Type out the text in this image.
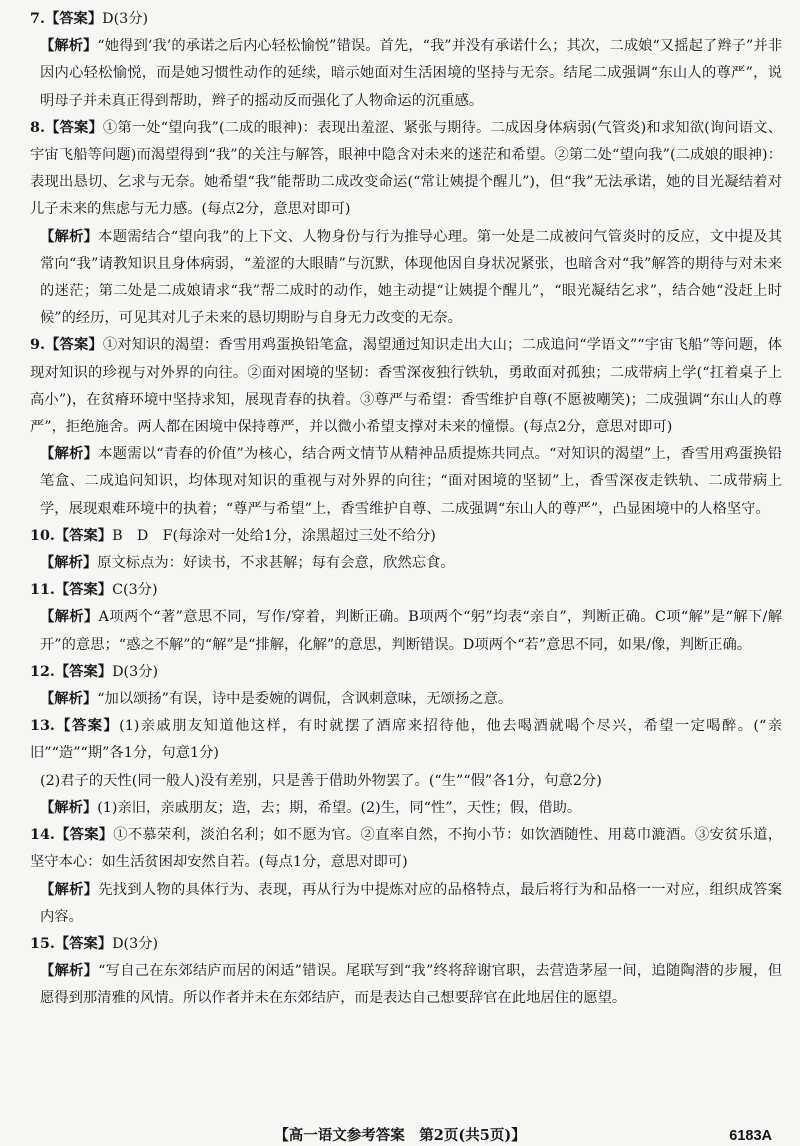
7.【答案】D(3分)
【解析】“她得到‘我’的承诺之后内心轻松愉悦”错误。首先，“我”并没有承诺什么；其次，二成娘“又摇起了辫子”并非因内心轻松愉悦，而是她习惯性动作的延续，暗示她面对生活困境的坚持与无奈。结尾二成强调“东山人的尊严”，说明母子并未真正得到帮助，辫子的摇动反而强化了人物命运的沉重感。
8.【答案】①第一处“望向我”(二成的眼神)：表现出羞涩、紧张与期待。二成因身体病弱(气管炎)和求知欲(询问语文、宇宙飞船等问题)而渴望得到“我”的关注与解答，眼神中隐含对未来的迷茫和希望。②第二处“望向我”(二成娘的眼神)：表现出恳切、乞求与无奈。她希望“我”能帮助二成改变命运(“常让姨提个醒儿”)，但“我”无法承诺，她的目光凝结着对儿子未来的焦虑与无力感。(每点2分，意思对即可)
【解析】本题需结合“望向我”的上下文、人物身份与行为推导心理。第一处是二成被问气管炎时的反应，文中提及其常向“我”请教知识且身体病弱，“羞涩的大眼睛”与沉默，体现他因自身状况紧张，也暗含对“我”解答的期待与对未来的迷茫；第二处是二成娘请求“我”帮二成时的动作，她主动提“让姨提个醒儿”，“眼光凝结乞求”，结合她“没赶上时候”的经历，可见其对儿子未来的恳切期盼与自身无力改变的无奈。
9.【答案】①对知识的渴望：香雪用鸡蛋换铅笔盒，渴望通过知识走出大山；二成追问“学语文”“宇宙飞船”等问题，体现对知识的珍视与对外界的向往。②面对困境的坚韧：香雪深夜独行铁轨，勇敢面对孤独；二成带病上学(“扛着桌子上高小”)，在贫瘠环境中坚持求知，展现青春的执着。③尊严与希望：香雪维护自尊(不愿被嘲笑)；二成强调“东山人的尊严”，拒绝施舍。两人都在困境中保持尊严，并以微小希望支撑对未来的憧憬。(每点2分，意思对即可)
【解析】本题需以“青春的价值”为核心，结合两文情节从精神品质提炼共同点。“对知识的渴望”上，香雪用鸡蛋换铅笔盒、二成追问知识，均体现对知识的重视与对外界的向往；“面对困境的坚韧”上，香雪深夜走铁轨、二成带病上学，展现艰难环境中的执着；“尊严与希望”上，香雪维护自尊、二成强调“东山人的尊严”，凸显困境中的人格坚守。
10.【答案】B　D　F(每涂对一处给1分，涂黑超过三处不给分)
【解析】原文标点为：好读书，不求甚解；每有会意，欣然忘食。
11.【答案】C(3分)
【解析】A项两个“著”意思不同，写作/穿着，判断正确。B项两个“躬”均表“亲自”，判断正确。C项“解”是“解下/解开”的意思；“惑之不解”的“解”是“排解，化解”的意思，判断错误。D项两个“若”意思不同，如果/像，判断正确。
12.【答案】D(3分)
【解析】“加以颂扬”有误，诗中是委婉的调侃，含讽刺意味，无颂扬之意。
13.【答案】(1)亲戚朋友知道他这样，有时就摆了酒席来招待他，他去喝酒就喝个尽兴，希望一定喝醉。(“亲旧”“造”“期”各1分，句意1分)
(2)君子的天性(同一般人)没有差别，只是善于借助外物罢了。(“生”“假”各1分，句意2分)
【解析】(1)亲旧，亲戚朋友；造，去；期，希望。(2)生，同“性”，天性；假，借助。
14.【答案】①不慕荣利，淡泊名利；如不愿为官。②直率自然，不拘小节：如饮酒随性、用葛巾漉酒。③安贫乐道，坚守本心：如生活贫困却安然自若。(每点1分，意思对即可)
【解析】先找到人物的具体行为、表现，再从行为中提炼对应的品格特点，最后将行为和品格一一对应，组织成答案内容。
15.【答案】D(3分)
【解析】“写自己在东郊结庐而居的闲适”错误。尾联写到“我”终将辞谢官职，去营造茅屋一间，追随陶潜的步履，但愿得到那清雅的风情。所以作者并未在东郊结庐，而是表达自己想要辞官在此地居住的愿望。
【高一语文参考答案　第2页(共5页)】	6183A
